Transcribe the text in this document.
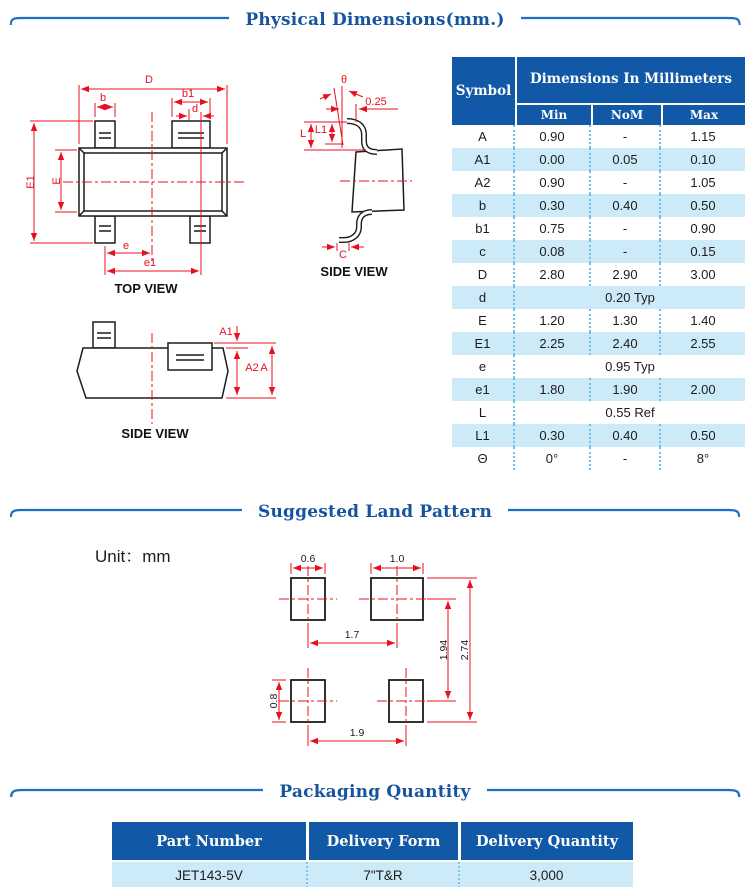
Physical Dimensions(mm.)
D
b	b1
d
e
e1
E1 E
TOP VIEW
θ
0.25
L L1
C
SIDE VIEW
A1
A2 A
SIDE VIEW
Symbol
Dimensions In Millimeters
Min	NoM	Max
A	0.90	-	1.15
A1	0.00	0.05	0.10
A2	0.90	-	1.05
b	0.30	0.40	0.50
b1	0.75	-	0.90
c	0.08	-	0.15
D	2.80	2.90	3.00
d	0.20 Typ
E	1.20	1.30	1.40
E1	2.25	2.40	2.55
e	0.95 Typ
e1	1.80	1.90	2.00
L	0.55 Ref
L1	0.30	0.40	0.50
Θ	0°	-	8°
Suggested Land Pattern
Unit：mm	0.6	1.0
1.7
1.9
0.8
1.94 2.74
Packaging Quantity
Part Number	Delivery Form	Delivery Quantity
JET143-5V	7"T&R	3,000
